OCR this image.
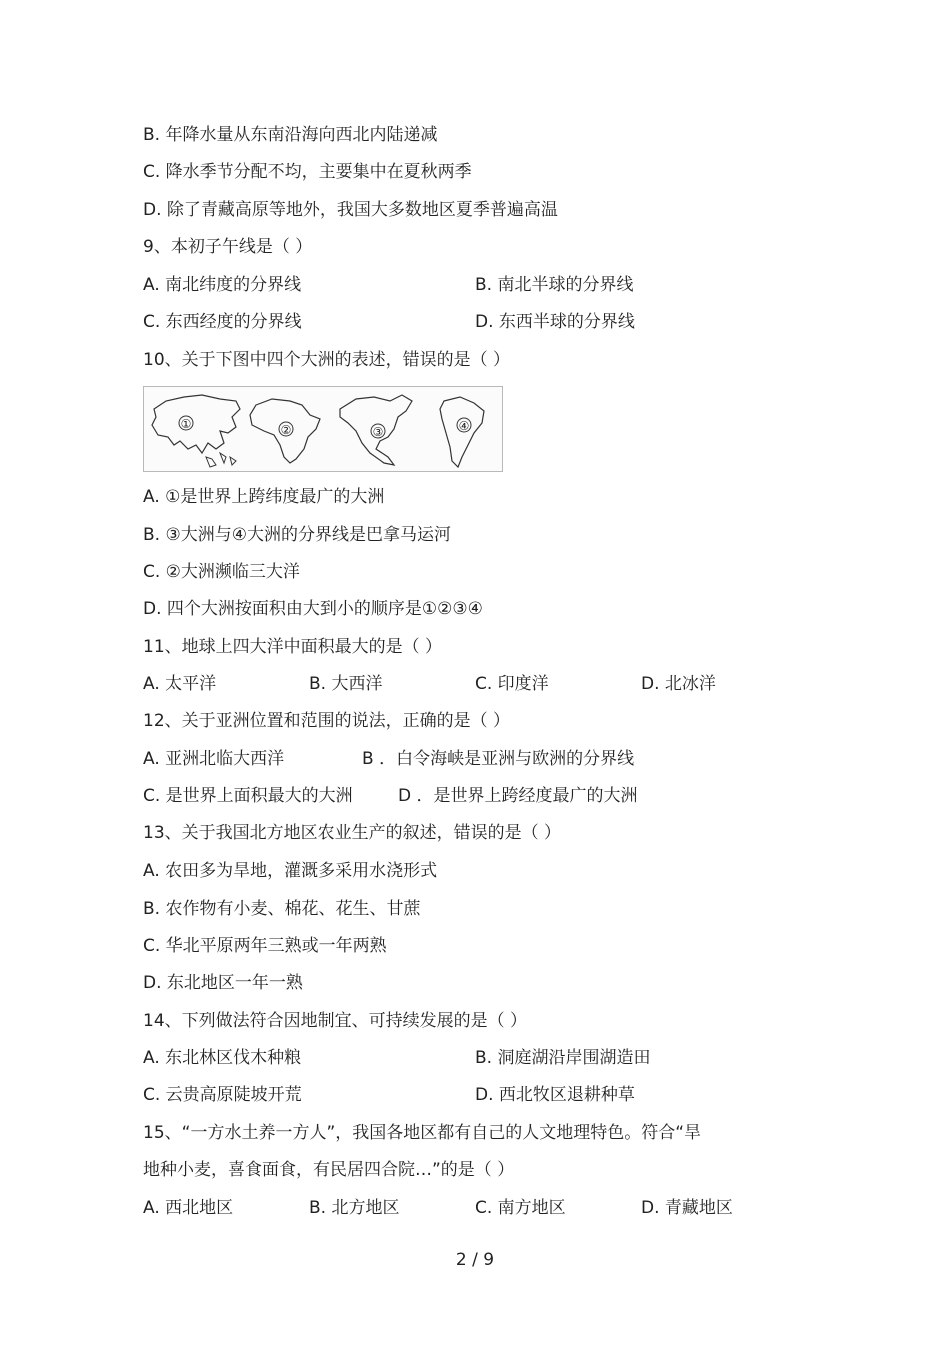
B. 年降水量从东南沿海向西北内陆递减
C. 降水季节分配不均，主要集中在夏秋两季
D. 除了青藏高原等地外，我国大多数地区夏季普遍高温
9、本初子午线是（ ）
A. 南北纬度的分界线	B. 南北半球的分界线
C. 东西经度的分界线	D. 东西半球的分界线
10、关于下图中四个大洲的表述，错误的是（ ）
①	②	③	④
A. ①是世界上跨纬度最广的大洲
B. ③大洲与④大洲的分界线是巴拿马运河
C. ②大洲濒临三大洋
D. 四个大洲按面积由大到小的顺序是①②③④
11、地球上四大洋中面积最大的是（ ）
A. 太平洋	B. 大西洋	C. 印度洋	D. 北冰洋
12、关于亚洲位置和范围的说法，正确的是（ ）
A. 亚洲北临大西洋	B ．白令海峡是亚洲与欧洲的分界线
C. 是世界上面积最大的大洲	D ．是世界上跨经度最广的大洲
13、关于我国北方地区农业生产的叙述，错误的是（ ）
A. 农田多为旱地，灌溉多采用水浇形式
B. 农作物有小麦、棉花、花生、甘蔗
C. 华北平原两年三熟或一年两熟
D. 东北地区一年一熟
14、下列做法符合因地制宜、可持续发展的是（ ）
A. 东北林区伐木种粮	B. 洞庭湖沿岸围湖造田
C. 云贵高原陡坡开荒	D. 西北牧区退耕种草
15、“一方水土养一方人”，我国各地区都有自己的人文地理特色。符合“旱
地种小麦，喜食面食，有民居四合院…”的是（ ）
A. 西北地区	B. 北方地区	C. 南方地区	D. 青藏地区
2 / 9
